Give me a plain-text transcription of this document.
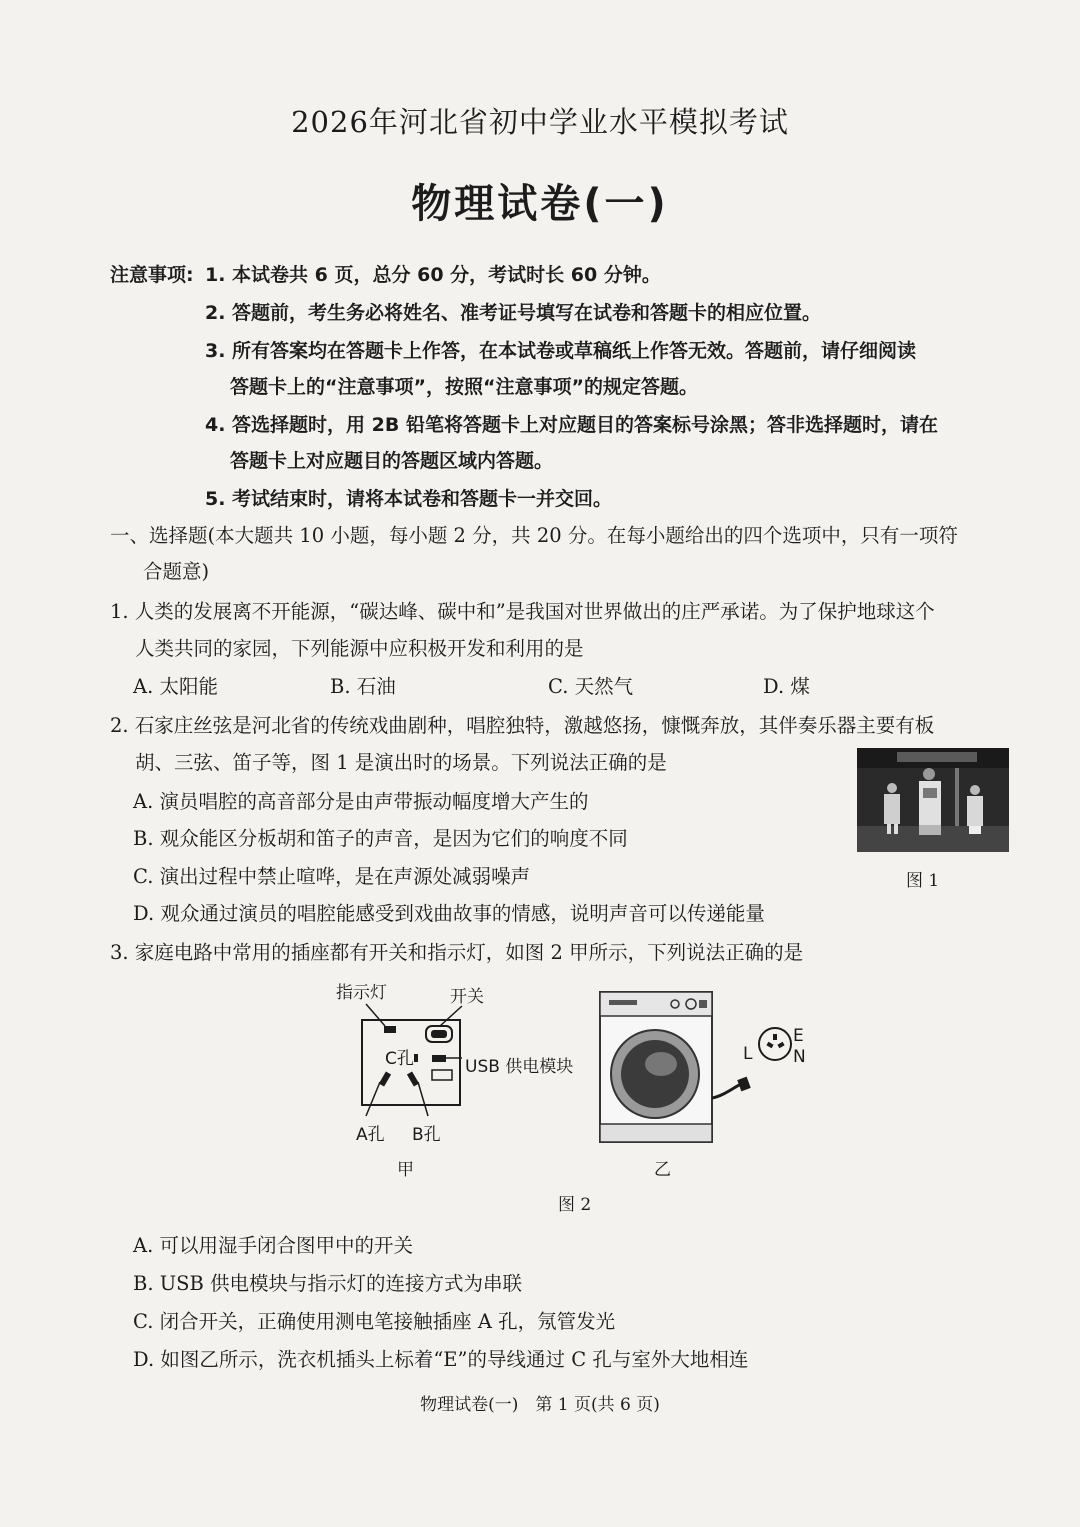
2026年河北省初中学业水平模拟考试
物理试卷(一)
注意事项: 1. 本试卷共 6 页，总分 60 分，考试时长 60 分钟。
2. 答题前，考生务必将姓名、准考证号填写在试卷和答题卡的相应位置。
3. 所有答案均在答题卡上作答，在本试卷或草稿纸上作答无效。答题前，请仔细阅读
答题卡上的“注意事项”，按照“注意事项”的规定答题。
4. 答选择题时，用 2B 铅笔将答题卡上对应题目的答案标号涂黑；答非选择题时，请在
答题卡上对应题目的答题区域内答题。
5. 考试结束时，请将本试卷和答题卡一并交回。
一、选择题(本大题共 10 小题，每小题 2 分，共 20 分。在每小题给出的四个选项中，只有一项符
合题意)
1. 人类的发展离不开能源，“碳达峰、碳中和”是我国对世界做出的庄严承诺。为了保护地球这个
人类共同的家园，下列能源中应积极开发和利用的是
A. 太阳能	B. 石油	C. 天然气	D. 煤
2. 石家庄丝弦是河北省的传统戏曲剧种，唱腔独特，激越悠扬，慷慨奔放，其伴奏乐器主要有板
胡、三弦、笛子等，图 1 是演出时的场景。下列说法正确的是
A. 演员唱腔的高音部分是由声带振动幅度增大产生的
B. 观众能区分板胡和笛子的声音，是因为它们的响度不同
C. 演出过程中禁止喧哗，是在声源处减弱噪声
D. 观众通过演员的唱腔能感受到戏曲故事的情感，说明声音可以传递能量
图 1
3. 家庭电路中常用的插座都有开关和指示灯，如图 2 甲所示，下列说法正确的是
指示灯	开关
C孔	USB 供电模块
A孔 B孔
甲
L
E
N
乙
图 2
A. 可以用湿手闭合图甲中的开关
B. USB 供电模块与指示灯的连接方式为串联
C. 闭合开关，正确使用测电笔接触插座 A 孔，氖管发光
D. 如图乙所示，洗衣机插头上标着“E”的导线通过 C 孔与室外大地相连
物理试卷(一)　第 1 页(共 6 页)
